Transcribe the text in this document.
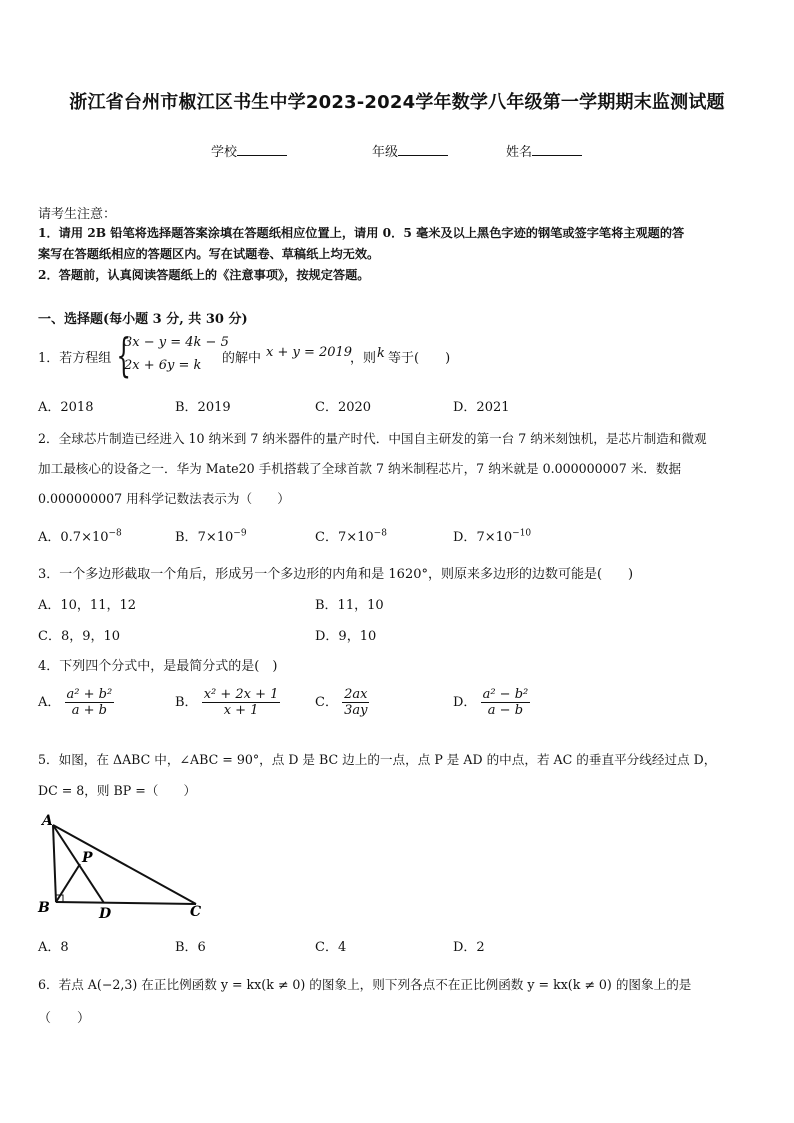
浙江省台州市椒江区书生中学2023-2024学年数学八年级第一学期期末监测试题
学校	年级	姓名
请考生注意：
1．请用 2B 铅笔将选择题答案涂填在答题纸相应位置上，请用 0．5 毫米及以上黑色字迹的钢笔或签字笔将主观题的答
案写在答题纸相应的答题区内。写在试题卷、草稿纸上均无效。
2．答题前，认真阅读答题纸上的《注意事项》，按规定答题。
一、选择题(每小题 3 分, 共 30 分)
1．若方程组 {
3x − y = 4k − 5
2x + 6y = k 的解中 x + y = 2019
，则 k 等于(　　)
A．2018	B．2019	C．2020	D．2021
2．全球芯片制造已经进入 10 纳米到 7 纳米器件的量产时代．中国自主研发的第一台 7 纳米刻蚀机，是芯片制造和微观
加工最核心的设备之一．华为 Mate20 手机搭载了全球首款 7 纳米制程芯片，7 纳米就是 0.000000007 米．数据
0.000000007 用科学记数法表示为（　　）
A．$0.7\times 10^{-8}$	B．$7\times 10^{-9}$	C．$7\times 10^{-8}$	D．$7\times 10^{-10}$
3．一个多边形截取一个角后，形成另一个多边形的内角和是 1620°，则原来多边形的边数可能是(　　)
A．10，11，12	B．11，10
C．8，9，10	D．9，10
4．下列四个分式中，是最简分式的是(　)
A． $\frac{\text{a² + b²}}{a + b}$	B． $\frac{\text{x² + 2x + 1}}{x + 1}$	C． $\frac{2ax}{3ay}$	D． $\frac{\text{a² − b²}}{a - b}$
5．如图，在 ΔABC 中，∠ABC = 90°，点 D 是 BC 边上的一点，点 P 是 AD 的中点，若 AC 的垂直平分线经过点 D，
DC = 8，则 BP =（　　）
A
B	C
D
P
A．8	B．6	C．4	D．2
6．若点 A(−2,3) 在正比例函数 y = kx(k ≠ 0) 的图象上，则下列各点不在正比例函数 y = kx(k ≠ 0) 的图象上的是
（　　）
